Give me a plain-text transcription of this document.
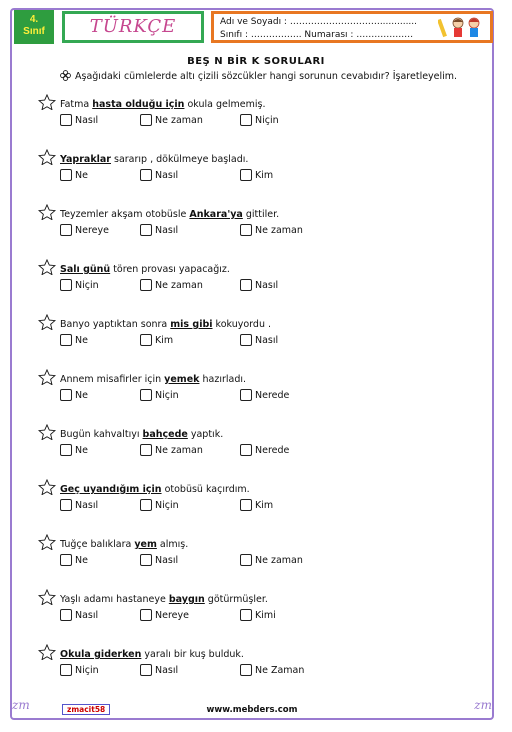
4.
Sınıf	TÜRKÇE	Adı ve Soyadı : ………………………….............
Sınıfı : …………….. Numarası : …………….…
BEŞ N BİR K SORULARI
Aşağıdaki cümlelerde altı çizili sözcükler hangi sorunun cevabıdır? İşaretleyelim.
Fatma hasta olduğu için okula gelmemiş.
Nasıl	Ne zaman	Niçin
Yapraklar sararıp , dökülmeye başladı.
Ne	Nasıl	Kim
Teyzemler akşam otobüsle Ankara'ya gittiler.
Nereye	Nasıl	Ne zaman
Salı günü tören provası yapacağız.
Niçin	Ne zaman	Nasıl
Banyo yaptıktan sonra mis gibi kokuyordu .
Ne	Kim	Nasıl
Annem misafirler için yemek hazırladı.
Ne	Niçin	Nerede
Bugün kahvaltıyı bahçede yaptık.
Ne	Ne zaman	Nerede
Geç uyandığım için otobüsü kaçırdım.
Nasıl	Niçin	Kim
Tuğçe balıklara yem almış.
Ne	Nasıl	Ne zaman
Yaşlı adamı hastaneye baygın götürmüşler.
Nasıl	Nereye	Kimi
Okula giderken yaralı bir kuş bulduk.
Niçin	Nasıl	Ne Zaman
zm	zmacit58	www.mebders.com	zm
